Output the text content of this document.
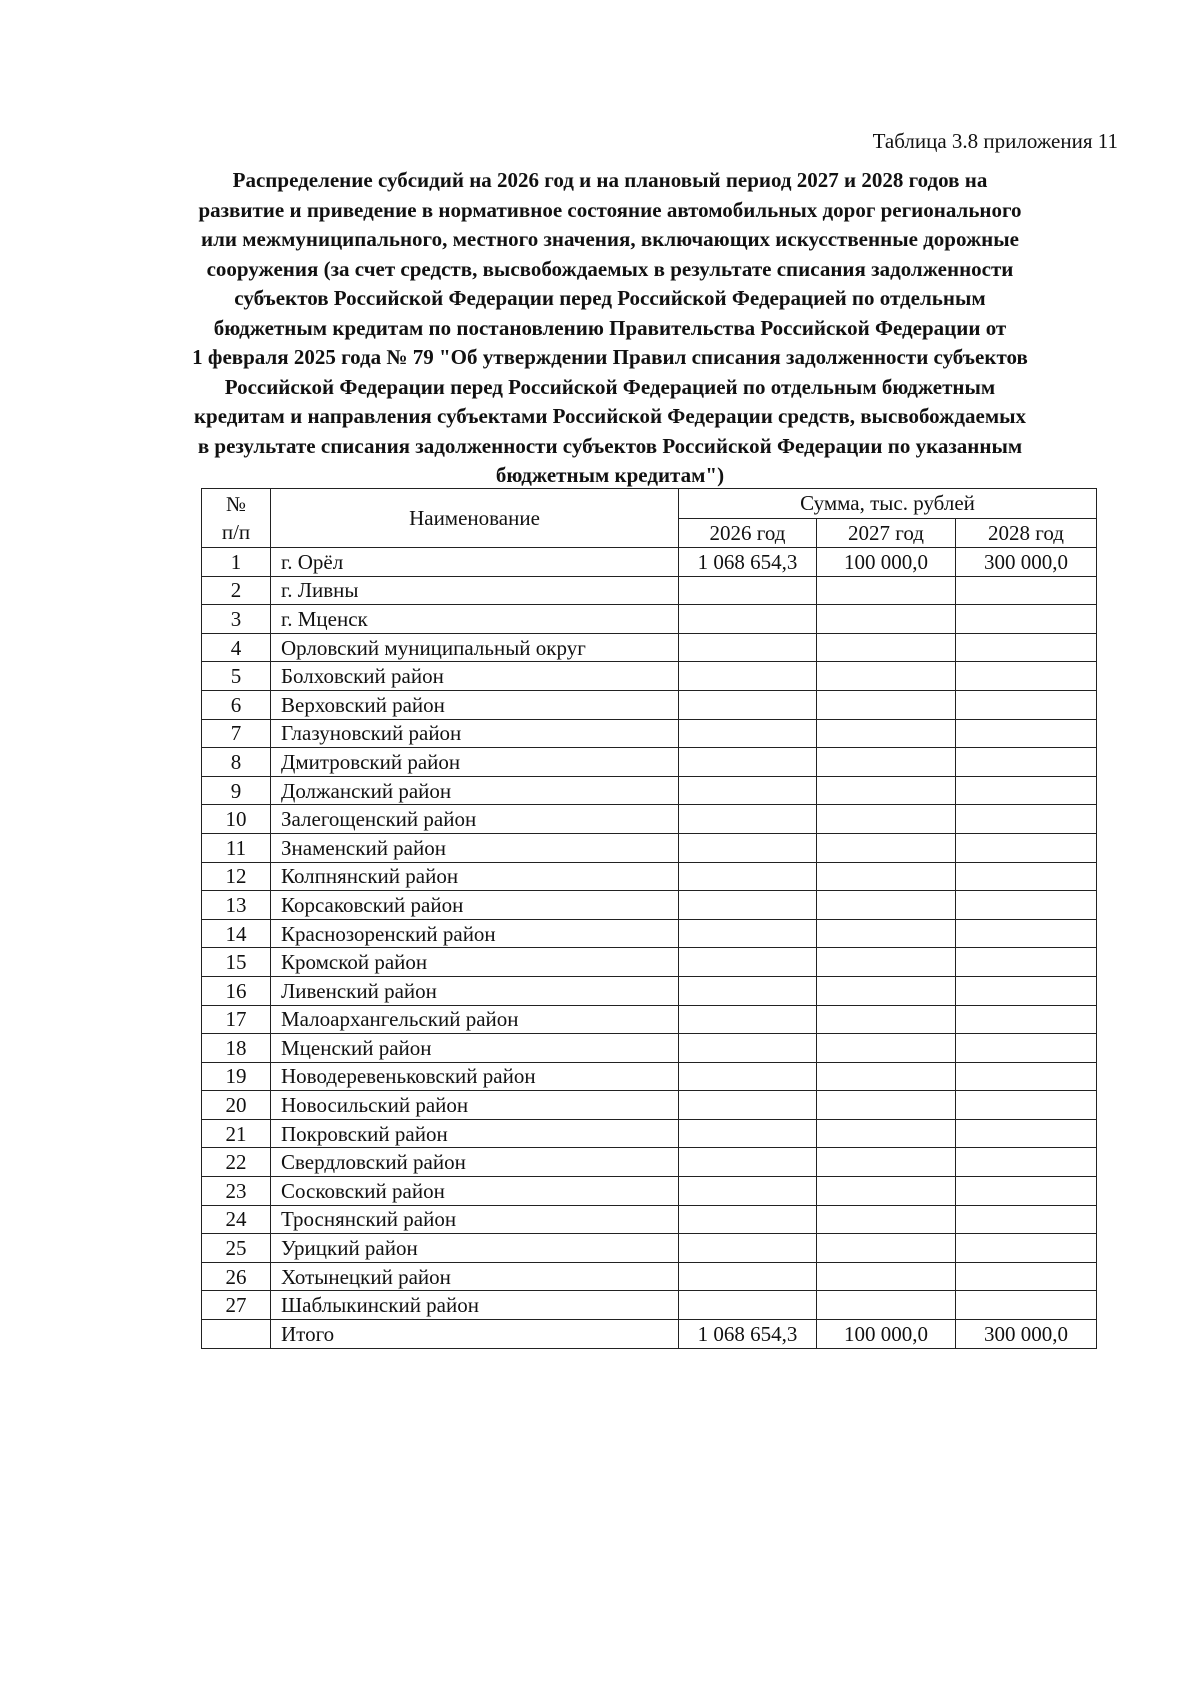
Таблица 3.8 приложения 11
Распределение субсидий на 2026 год и на плановый период 2027 и 2028 годов на
развитие и приведение в нормативное состояние автомобильных дорог регионального
или межмуниципального, местного значения, включающих искусственные дорожные
сооружения (за счет средств, высвобождаемых в результате списания задолженности
субъектов Российской Федерации перед Российской Федерацией по отдельным
бюджетным кредитам по постановлению Правительства Российской Федерации от
1 февраля 2025 года № 79 "Об утверждении Правил списания задолженности субъектов
Российской Федерации перед Российской Федерацией по отдельным бюджетным
кредитам и направления субъектами Российской Федерации средств, высвобождаемых
в результате списания задолженности субъектов Российской Федерации по указанным
бюджетным кредитам")
№
п/п	Наименование	Сумма, тыс. рублей		
		2026 год	2027 год	2028 год
1	г. Орёл	1 068 654,3	100 000,0	300 000,0
2	г. Ливны			
3	г. Мценск			
4	Орловский муниципальный округ			
5	Болховский район			
6	Верховский район			
7	Глазуновский район			
8	Дмитровский район			
9	Должанский район			
10	Залегощенский район			
11	Знаменский район			
12	Колпнянский район			
13	Корсаковский район			
14	Краснозоренский район			
15	Кромской район			
16	Ливенский район			
17	Малоархангельский район			
18	Мценский район			
19	Новодеревеньковский район			
20	Новосильский район			
21	Покровский район			
22	Свердловский район			
23	Сосковский район			
24	Троснянский район			
25	Урицкий район			
26	Хотынецкий район			
27	Шаблыкинский район			
	Итого	1 068 654,3	100 000,0	300 000,0
